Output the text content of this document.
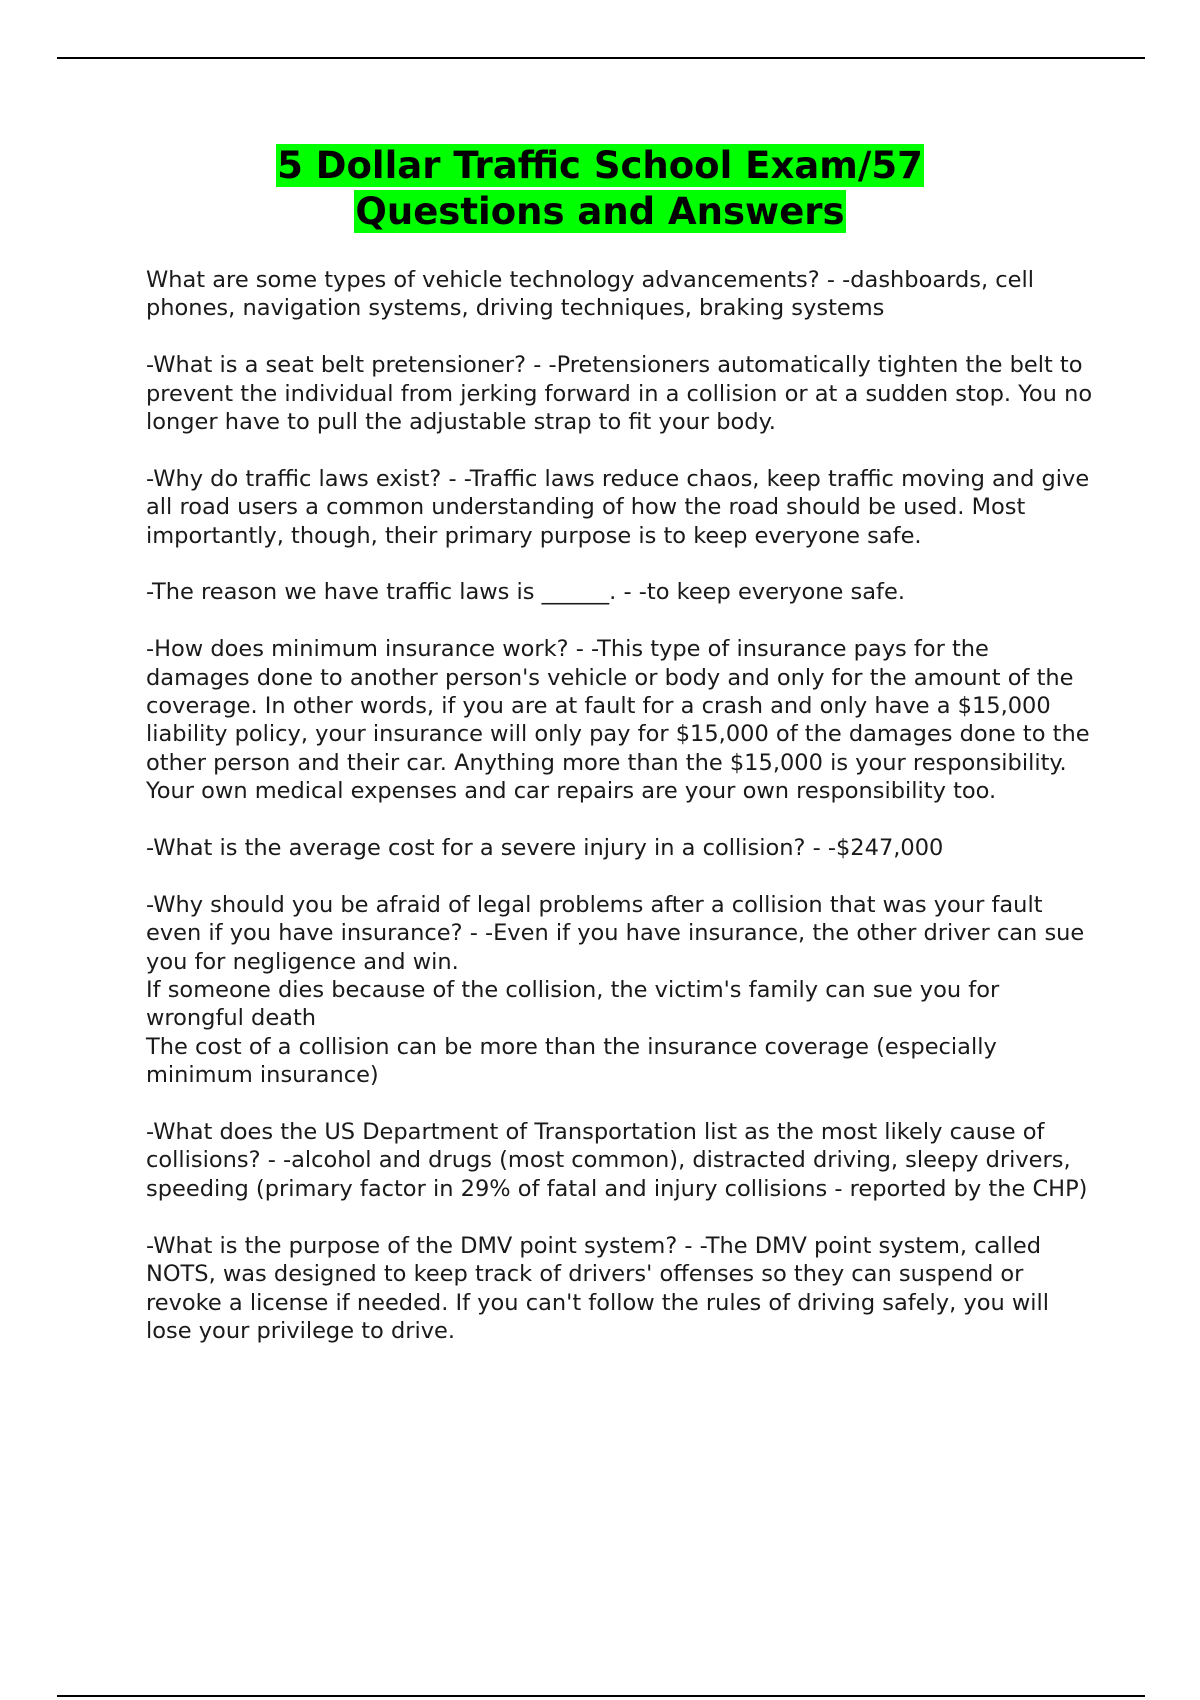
5 Dollar Traffic School Exam/57
Questions and Answers

What are some types of vehicle technology advancements? - -dashboards, cell phones, navigation systems, driving techniques, braking systems

-What is a seat belt pretensioner? - -Pretensioners automatically tighten the belt to prevent the individual from jerking forward in a collision or at a sudden stop. You no longer have to pull the adjustable strap to fit your body.

-Why do traffic laws exist? - -Traffic laws reduce chaos, keep traffic moving and give all road users a common understanding of how the road should be used. Most importantly, though, their primary purpose is to keep everyone safe.

-The reason we have traffic laws is ______. - -to keep everyone safe.

-How does minimum insurance work? - -This type of insurance pays for the damages done to another person's vehicle or body and only for the amount of the coverage. In other words, if you are at fault for a crash and only have a $15,000 liability policy, your insurance will only pay for $15,000 of the damages done to the other person and their car. Anything more than the $15,000 is your responsibility. Your own medical expenses and car repairs are your own responsibility too.

-What is the average cost for a severe injury in a collision? - -$247,000

-Why should you be afraid of legal problems after a collision that was your fault even if you have insurance? - -Even if you have insurance, the other driver can sue you for negligence and win.
If someone dies because of the collision, the victim's family can sue you for wrongful death
The cost of a collision can be more than the insurance coverage (especially minimum insurance)

-What does the US Department of Transportation list as the most likely cause of collisions? - -alcohol and drugs (most common), distracted driving, sleepy drivers, speeding (primary factor in 29% of fatal and injury collisions - reported by the CHP)

-What is the purpose of the DMV point system? - -The DMV point system, called NOTS, was designed to keep track of drivers' offenses so they can suspend or revoke a license if needed. If you can't follow the rules of driving safely, you will lose your privilege to drive.
